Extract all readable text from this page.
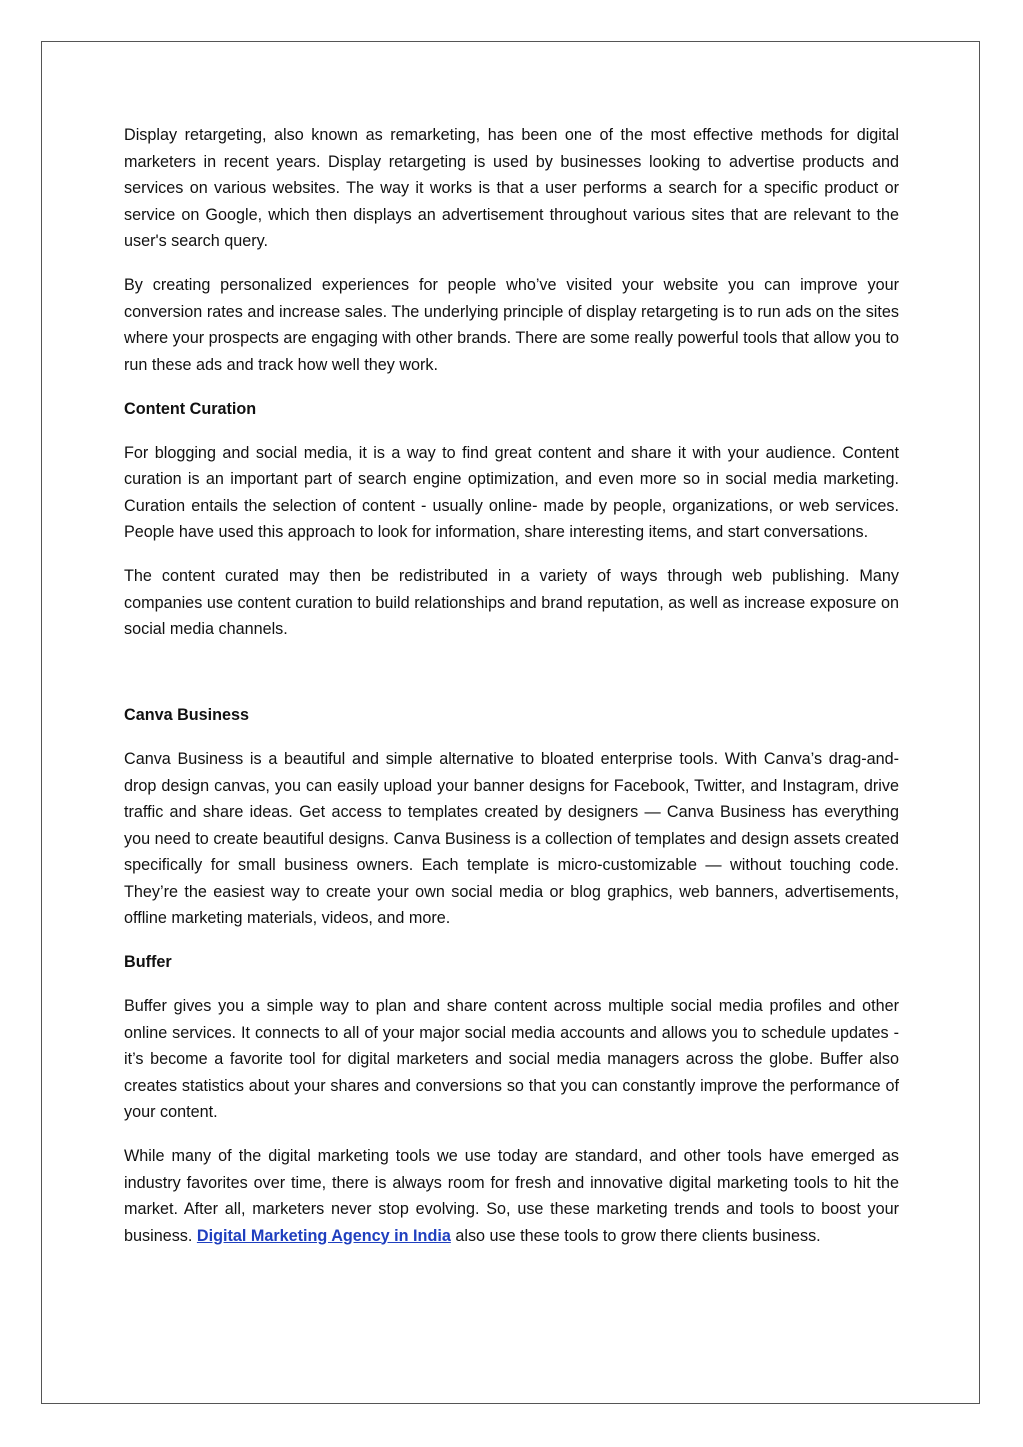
Display retargeting, also known as remarketing, has been one of the most effective methods for digital marketers in recent years. Display retargeting is used by businesses looking to advertise products and services on various websites. The way it works is that a user performs a search for a specific product or service on Google, which then displays an advertisement throughout various sites that are relevant to the user's search query.

By creating personalized experiences for people who’ve visited your website you can improve your conversion rates and increase sales. The underlying principle of display retargeting is to run ads on the sites where your prospects are engaging with other brands. There are some really powerful tools that allow you to run these ads and track how well they work.

Content Curation

For blogging and social media, it is a way to find great content and share it with your audience. Content curation is an important part of search engine optimization, and even more so in social media marketing. Curation entails the selection of content - usually online- made by people, organizations, or web services. People have used this approach to look for information, share interesting items, and start conversations.

The content curated may then be redistributed in a variety of ways through web publishing. Many companies use content curation to build relationships and brand reputation, as well as increase exposure on social media channels.

Canva Business

Canva Business is a beautiful and simple alternative to bloated enterprise tools. With Canva’s drag-and-drop design canvas, you can easily upload your banner designs for Facebook, Twitter, and Instagram, drive traffic and share ideas. Get access to templates created by designers — Canva Business has everything you need to create beautiful designs. Canva Business is a collection of templates and design assets created specifically for small business owners. Each template is micro-customizable — without touching code. They’re the easiest way to create your own social media or blog graphics, web banners, advertisements, offline marketing materials, videos, and more.

Buffer

Buffer gives you a simple way to plan and share content across multiple social media profiles and other online services. It connects to all of your major social media accounts and allows you to schedule updates - it’s become a favorite tool for digital marketers and social media managers across the globe. Buffer also creates statistics about your shares and conversions so that you can constantly improve the performance of your content.

While many of the digital marketing tools we use today are standard, and other tools have emerged as industry favorites over time, there is always room for fresh and innovative digital marketing tools to hit the market. After all, marketers never stop evolving. So, use these marketing trends and tools to boost your business. Digital Marketing Agency in India also use these tools to grow there clients business.
